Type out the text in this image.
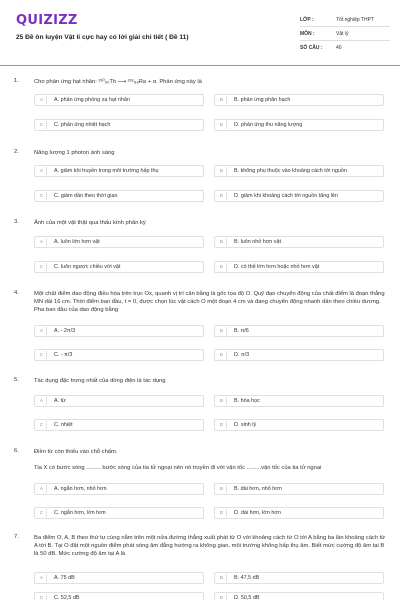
QUIZIZZ
25 Đề ôn luyện Vật lí cực hay có lời giải chi tiết ( Đề 11)
LỚP :	Tốt nghiệp THPT
MÔN :	Vật lý
SỐ CÂU :	40
1.	Cho phản ứng hạt nhân: ²³⁰₉₀Th ⟶ ²²⁶₈₈Ra + α. Phản ứng này là
A	A. phản ứng phóng xạ hạt nhân	B	B. phản ứng phân hạch
C	C. phản ứng nhiệt hạch	D	D. phản ứng thu năng lượng
2.	Năng lượng 1 photon ánh sáng
A	A. giảm khi truyền trong môi trường hấp thụ	B	B. không phụ thuộc vào khoảng cách tới nguồn
C	C. giảm dần theo thời gian	D	D. giảm khi khoảng cách tới nguồn tăng lên
3.	Ảnh của một vật thật qua thấu kính phân kỳ
A	A. luôn lớn hơn vật	B	B. luôn nhỏ hơn vật
C	C. luôn ngược chiều với vật	D	D. có thể lớn hơn hoặc nhỏ hơn vật
4.	Một chất điểm dao động điều hòa trên trục Ox, quanh vị trí cân bằng là gốc tọa độ O. Quỹ đạo chuyển động của chất điểm là đoạn thẳng MN dài 16 cm. Thời điểm ban đầu, t = 0, được chọn lúc vật cách O một đoạn 4 cm và đang chuyển động nhanh dần theo chiều dương. Pha ban đầu của dao động bằng
A	A. - 2π/3	B	B. π/6
C	C. - π/3	D	D. π/3
5.	Tác dụng đặc trưng nhất của dòng điện là tác dụng
A	A. từ	B	B. hóa học
C	C. nhiệt	D	D. sinh lý
6.	Điền từ còn thiếu vào chỗ chấm.
Tia X có bước sóng ......... bước sóng của tia tử ngoại nên nó truyền đi với vận tốc .........vận tốc của tia tử ngoại
A	A. ngắn hơn, nhỏ hơn	B	B. dài hơn, nhỏ hơn
C	C. ngắn hơn, lớn hơn	D	D. dài hơn, lớn hơn
7.	Ba điểm O, A, B theo thứ tự cùng nằm trên một nửa đường thẳng xuất phát từ O với khoảng cách từ O tới A bằng ba lần khoảng cách từ A tới B. Tại O đặt một nguồn điểm phát sóng âm đẳng hướng ra không gian, môi trường không hấp thụ âm. Biết mức cường độ âm tại B là 50 dB. Mức cường độ âm tại A là
A	A. 75 dB	B	B. 47,5 dB
C	C. 52,5 dB	D	D. 50,5 dB
